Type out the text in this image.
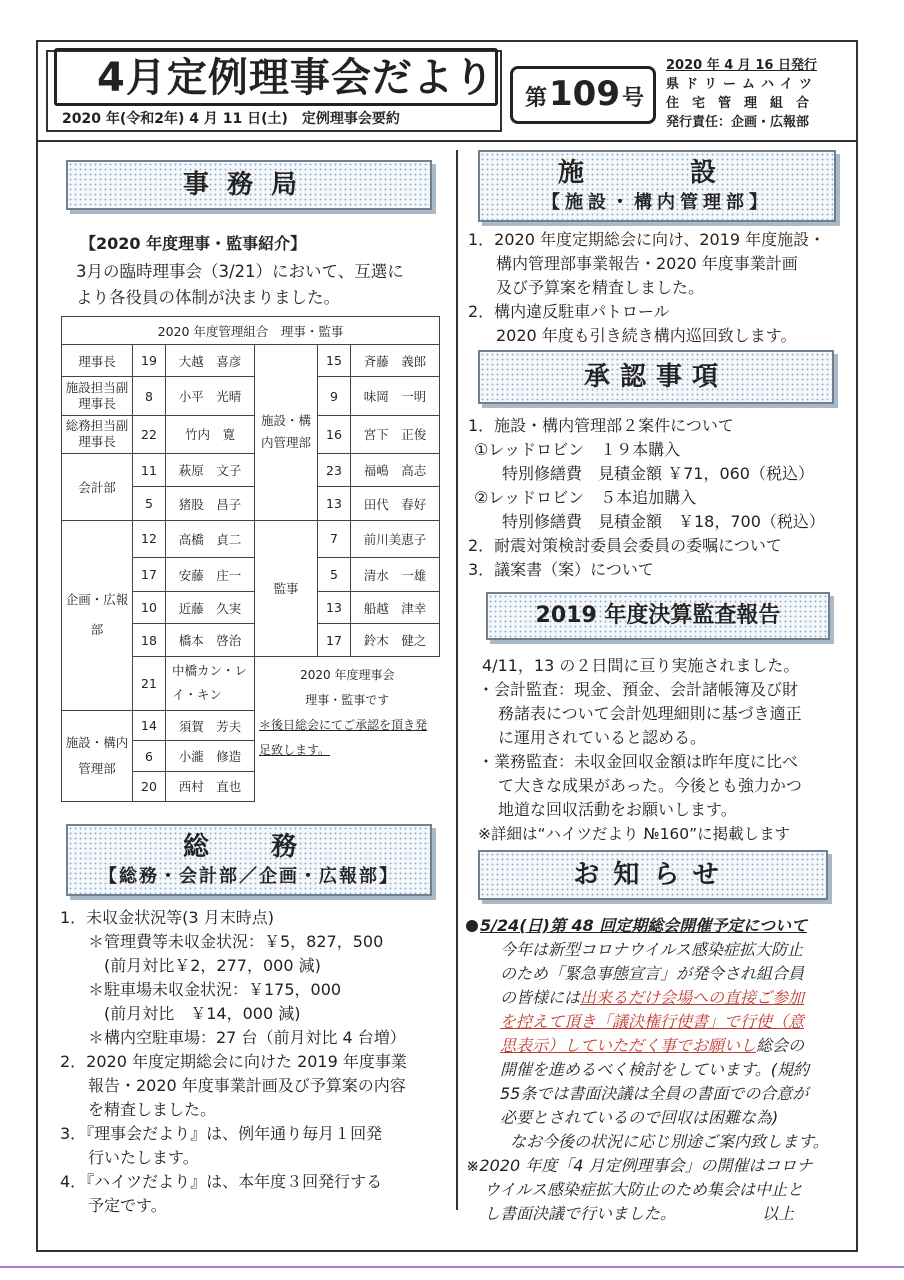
4月定例理事会だより
2020 年(令和2年) 4 月 11 日(土)　定例理事会要約
第109号
2020 年 4 月 16 日発行
県ドリームハイツ
住宅管理組合
発行責任：企画・広報部
事務局
【2020 年度理事・監事紹介】
3月の臨時理事会（3/21）において、互選に
より各役員の体制が決まりました。
2020 年度管理組合　理事・監事					
理事長	19	大越　喜彦	施設・構内管理部	15	斉藤　義郎
施設担当副理事長	8	小平　光晴		9	味岡　一明
総務担当副理事長	22	竹内　寛		16	宮下　正俊
会計部	11	萩原　文子		23	福嶋　高志
	5	猪股　昌子		13	田代　春好
企画・広報部	12	高橋　貞二	監事	7	前川美恵子
	17	安藤　庄一		5	清水　一雄
	10	近藤　久実		13	船越　津幸
	18	橋本　啓治		17	鈴木　健之
	21	中橋カン・レイ・キン	2020 年度理事会
理事・監事です
＊後日総会にてご承認を頂き発足致します。		

施設・構内管理部	14	須賀　芳夫			
	6	小瀧　修造			
	20	西村　直也			
総　務
【総務・会計部／企画・広報部】
1．未収金状況等(3 月末時点)
＊管理費等未収金状況：￥5，827，500
(前月対比￥2，277，000 減)
＊駐車場未収金状況：￥175，000
(前月対比　￥14，000 減)
＊構内空駐車場：27 台（前月対比 4 台増）
2．2020 年度定期総会に向けた 2019 年度事業
報告・2020 年度事業計画及び予算案の内容
を精査しました。
3．『理事会だより』は、例年通り毎月１回発
行いたします。
4．『ハイツだより』は、本年度３回発行する
予定です。
施　設
【施設・構内管理部】
1．2020 年度定期総会に向け、2019 年度施設・
構内管理部事業報告・2020 年度事業計画
及び予算案を精査しました。
2．構内違反駐車パトロール
2020 年度も引き続き構内巡回致します。
承認事項
1．施設・構内管理部２案件について
①レッドロビン　１９本購入
特別修繕費　見積金額 ￥71，060（税込）
②レッドロビン　５本追加購入
特別修繕費　見積金額　￥18，700（税込）
2．耐震対策検討委員会委員の委嘱について
3．議案書（案）について
2019 年度決算監査報告
4/11，13 の２日間に亘り実施されました。
・会計監査：現金、預金、会計諸帳簿及び財
務諸表について会計処理細則に基づき適正
に運用されていると認める。
・業務監査：未収金回収金額は昨年度に比べ
て大きな成果があった。今後とも強力かつ
地道な回収活動をお願いします。
※詳細は“ハイツだより №160”に掲載します
お知らせ
5/24(日)第 48 回定期総会開催予定について
今年は新型コロナウイルス感染症拡大防止
のため「緊急事態宣言」が発令され組合員
の皆様には出来るだけ会場への直接ご参加
を控えて頂き「議決権行使書」で行使（意
思表示）していただく事でお願いし総会の
開催を進めるべく検討をしています。(規約
55条では書面決議は全員の書面での合意が
必要とされているので回収は困難な為)
なお今後の状況に応じ別途ご案内致します。
※2020 年度「4 月定例理事会」の開催はコロナ
ウイルス感染症拡大防止のため集会は中止と
し書面決議で行いました。	以上
